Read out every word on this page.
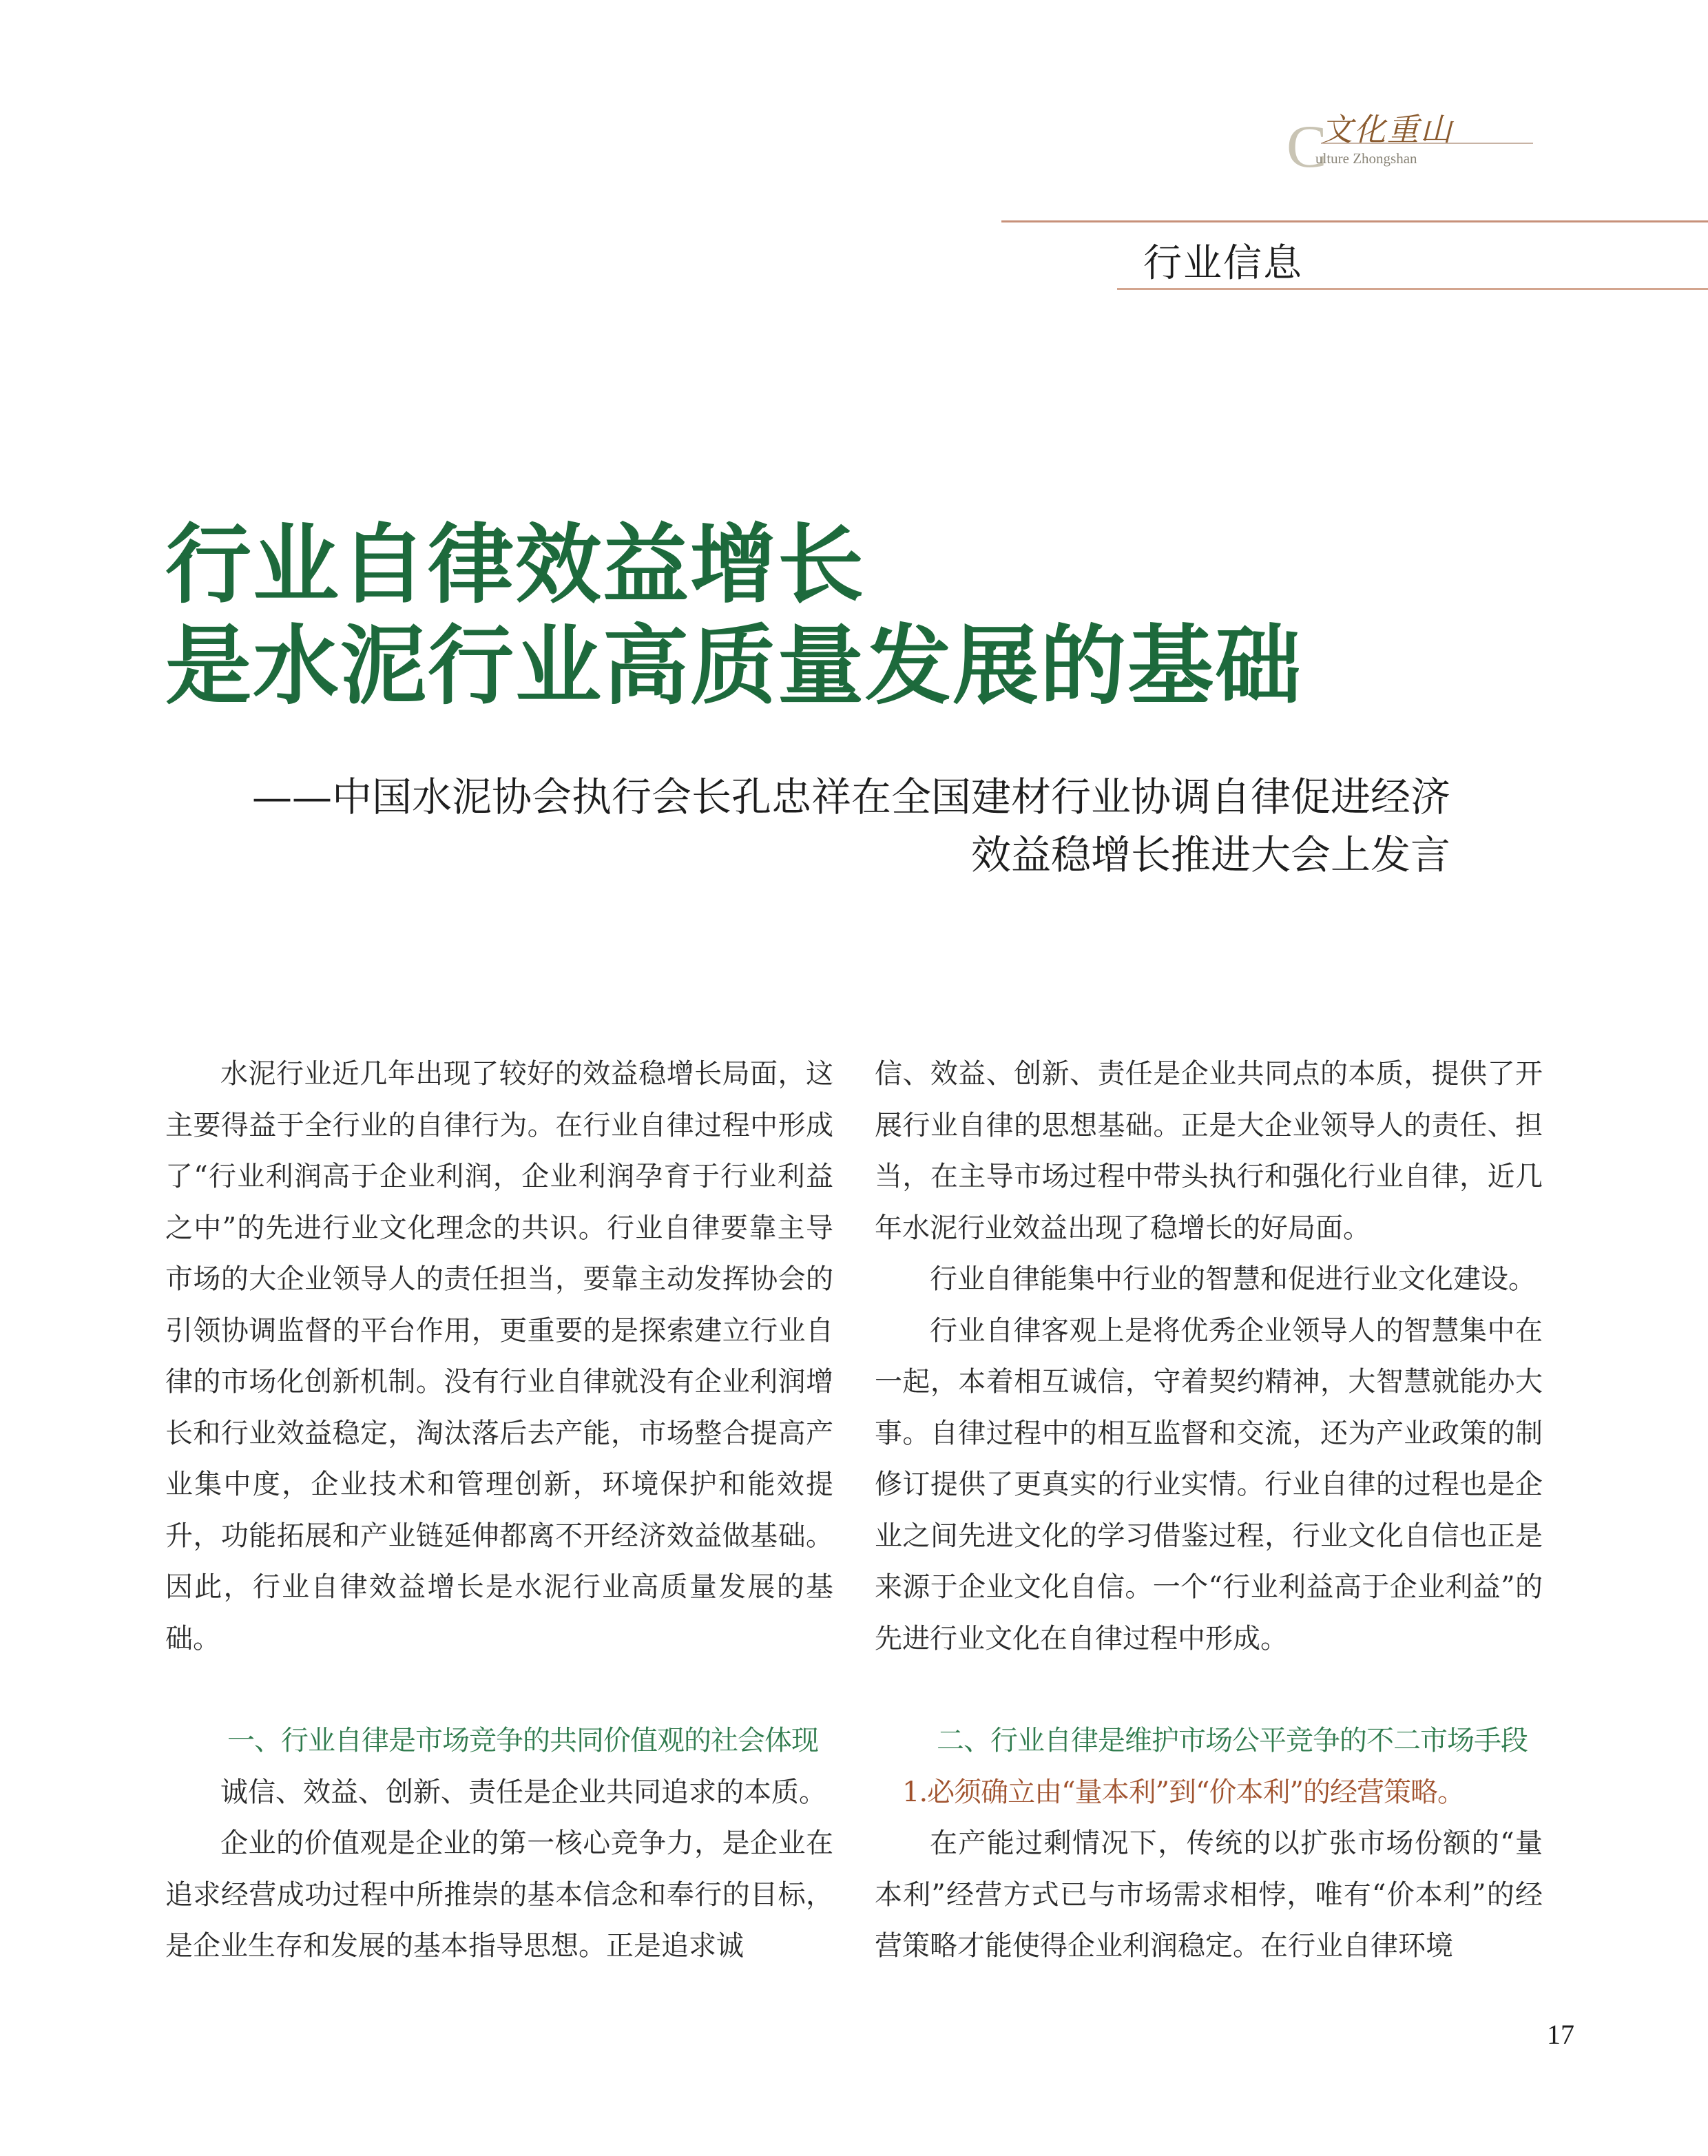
C
文化重山
ulture Zhongshan
行业信息
行业自律效益增长
是水泥行业高质量发展的基础
——中国水泥协会执行会长孔忠祥在全国建材行业协调自律促进经济
效益稳增长推进大会上发言

水泥行业近几年出现了较好的效益稳增长局面，这主要得益于全行业的自律行为。在行业自律过程中形成了“行业利润高于企业利润，企业利润孕育于行业利益之中”的先进行业文化理念的共识。行业自律要靠主导市场的大企业领导人的责任担当，要靠主动发挥协会的引领协调监督的平台作用，更重要的是探索建立行业自律的市场化创新机制。没有行业自律就没有企业利润增长和行业效益稳定，淘汰落后去产能，市场整合提高产业集中度，企业技术和管理创新，环境保护和能效提升，功能拓展和产业链延伸都离不开经济效益做基础。因此，行业自律效益增长是水泥行业高质量发展的基础。

一、行业自律是市场竞争的共同价值观的社会体现

诚信、效益、创新、责任是企业共同追求的本质。

企业的价值观是企业的第一核心竞争力，是企业在追求经营成功过程中所推崇的基本信念和奉行的目标，是企业生存和发展的基本指导思想。正是追求诚

信、效益、创新、责任是企业共同点的本质，提供了开展行业自律的思想基础。正是大企业领导人的责任、担当，在主导市场过程中带头执行和强化行业自律，近几年水泥行业效益出现了稳增长的好局面。

行业自律能集中行业的智慧和促进行业文化建设。

行业自律客观上是将优秀企业领导人的智慧集中在一起，本着相互诚信，守着契约精神，大智慧就能办大事。自律过程中的相互监督和交流，还为产业政策的制修订提供了更真实的行业实情。行业自律的过程也是企业之间先进文化的学习借鉴过程，行业文化自信也正是来源于企业文化自信。一个“行业利益高于企业利益”的先进行业文化在自律过程中形成。

二、行业自律是维护市场公平竞争的不二市场手段
1.必须确立由“量本利”到“价本利”的经营策略。

在产能过剩情况下，传统的以扩张市场份额的“量本利”经营方式已与市场需求相悖，唯有“价本利”的经营策略才能使得企业利润稳定。在行业自律环境

17
